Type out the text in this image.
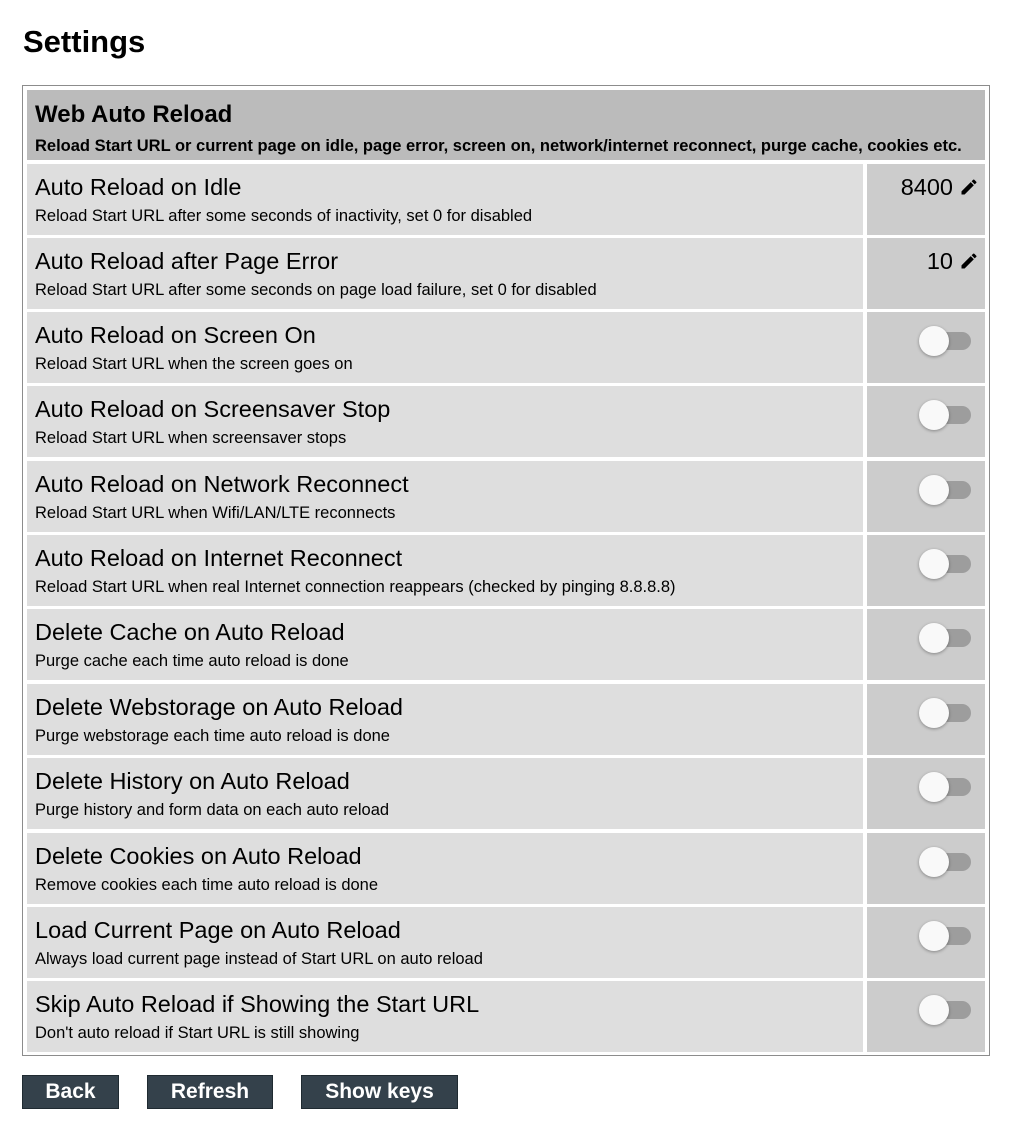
Settings
Web Auto Reload
Reload Start URL or current page on idle, page error, screen on, network/internet reconnect, purge cache, cookies etc.
Auto Reload on Idle
Reload Start URL after some seconds of inactivity, set 0 for disabled
8400
Auto Reload after Page Error
Reload Start URL after some seconds on page load failure, set 0 for disabled
10
Auto Reload on Screen On
Reload Start URL when the screen goes on
Auto Reload on Screensaver Stop
Reload Start URL when screensaver stops
Auto Reload on Network Reconnect
Reload Start URL when Wifi/LAN/LTE reconnects
Auto Reload on Internet Reconnect
Reload Start URL when real Internet connection reappears (checked by pinging 8.8.8.8)
Delete Cache on Auto Reload
Purge cache each time auto reload is done
Delete Webstorage on Auto Reload
Purge webstorage each time auto reload is done
Delete History on Auto Reload
Purge history and form data on each auto reload
Delete Cookies on Auto Reload
Remove cookies each time auto reload is done
Load Current Page on Auto Reload
Always load current page instead of Start URL on auto reload
Skip Auto Reload if Showing the Start URL
Don't auto reload if Start URL is still showing
Back	Refresh	Show keys
